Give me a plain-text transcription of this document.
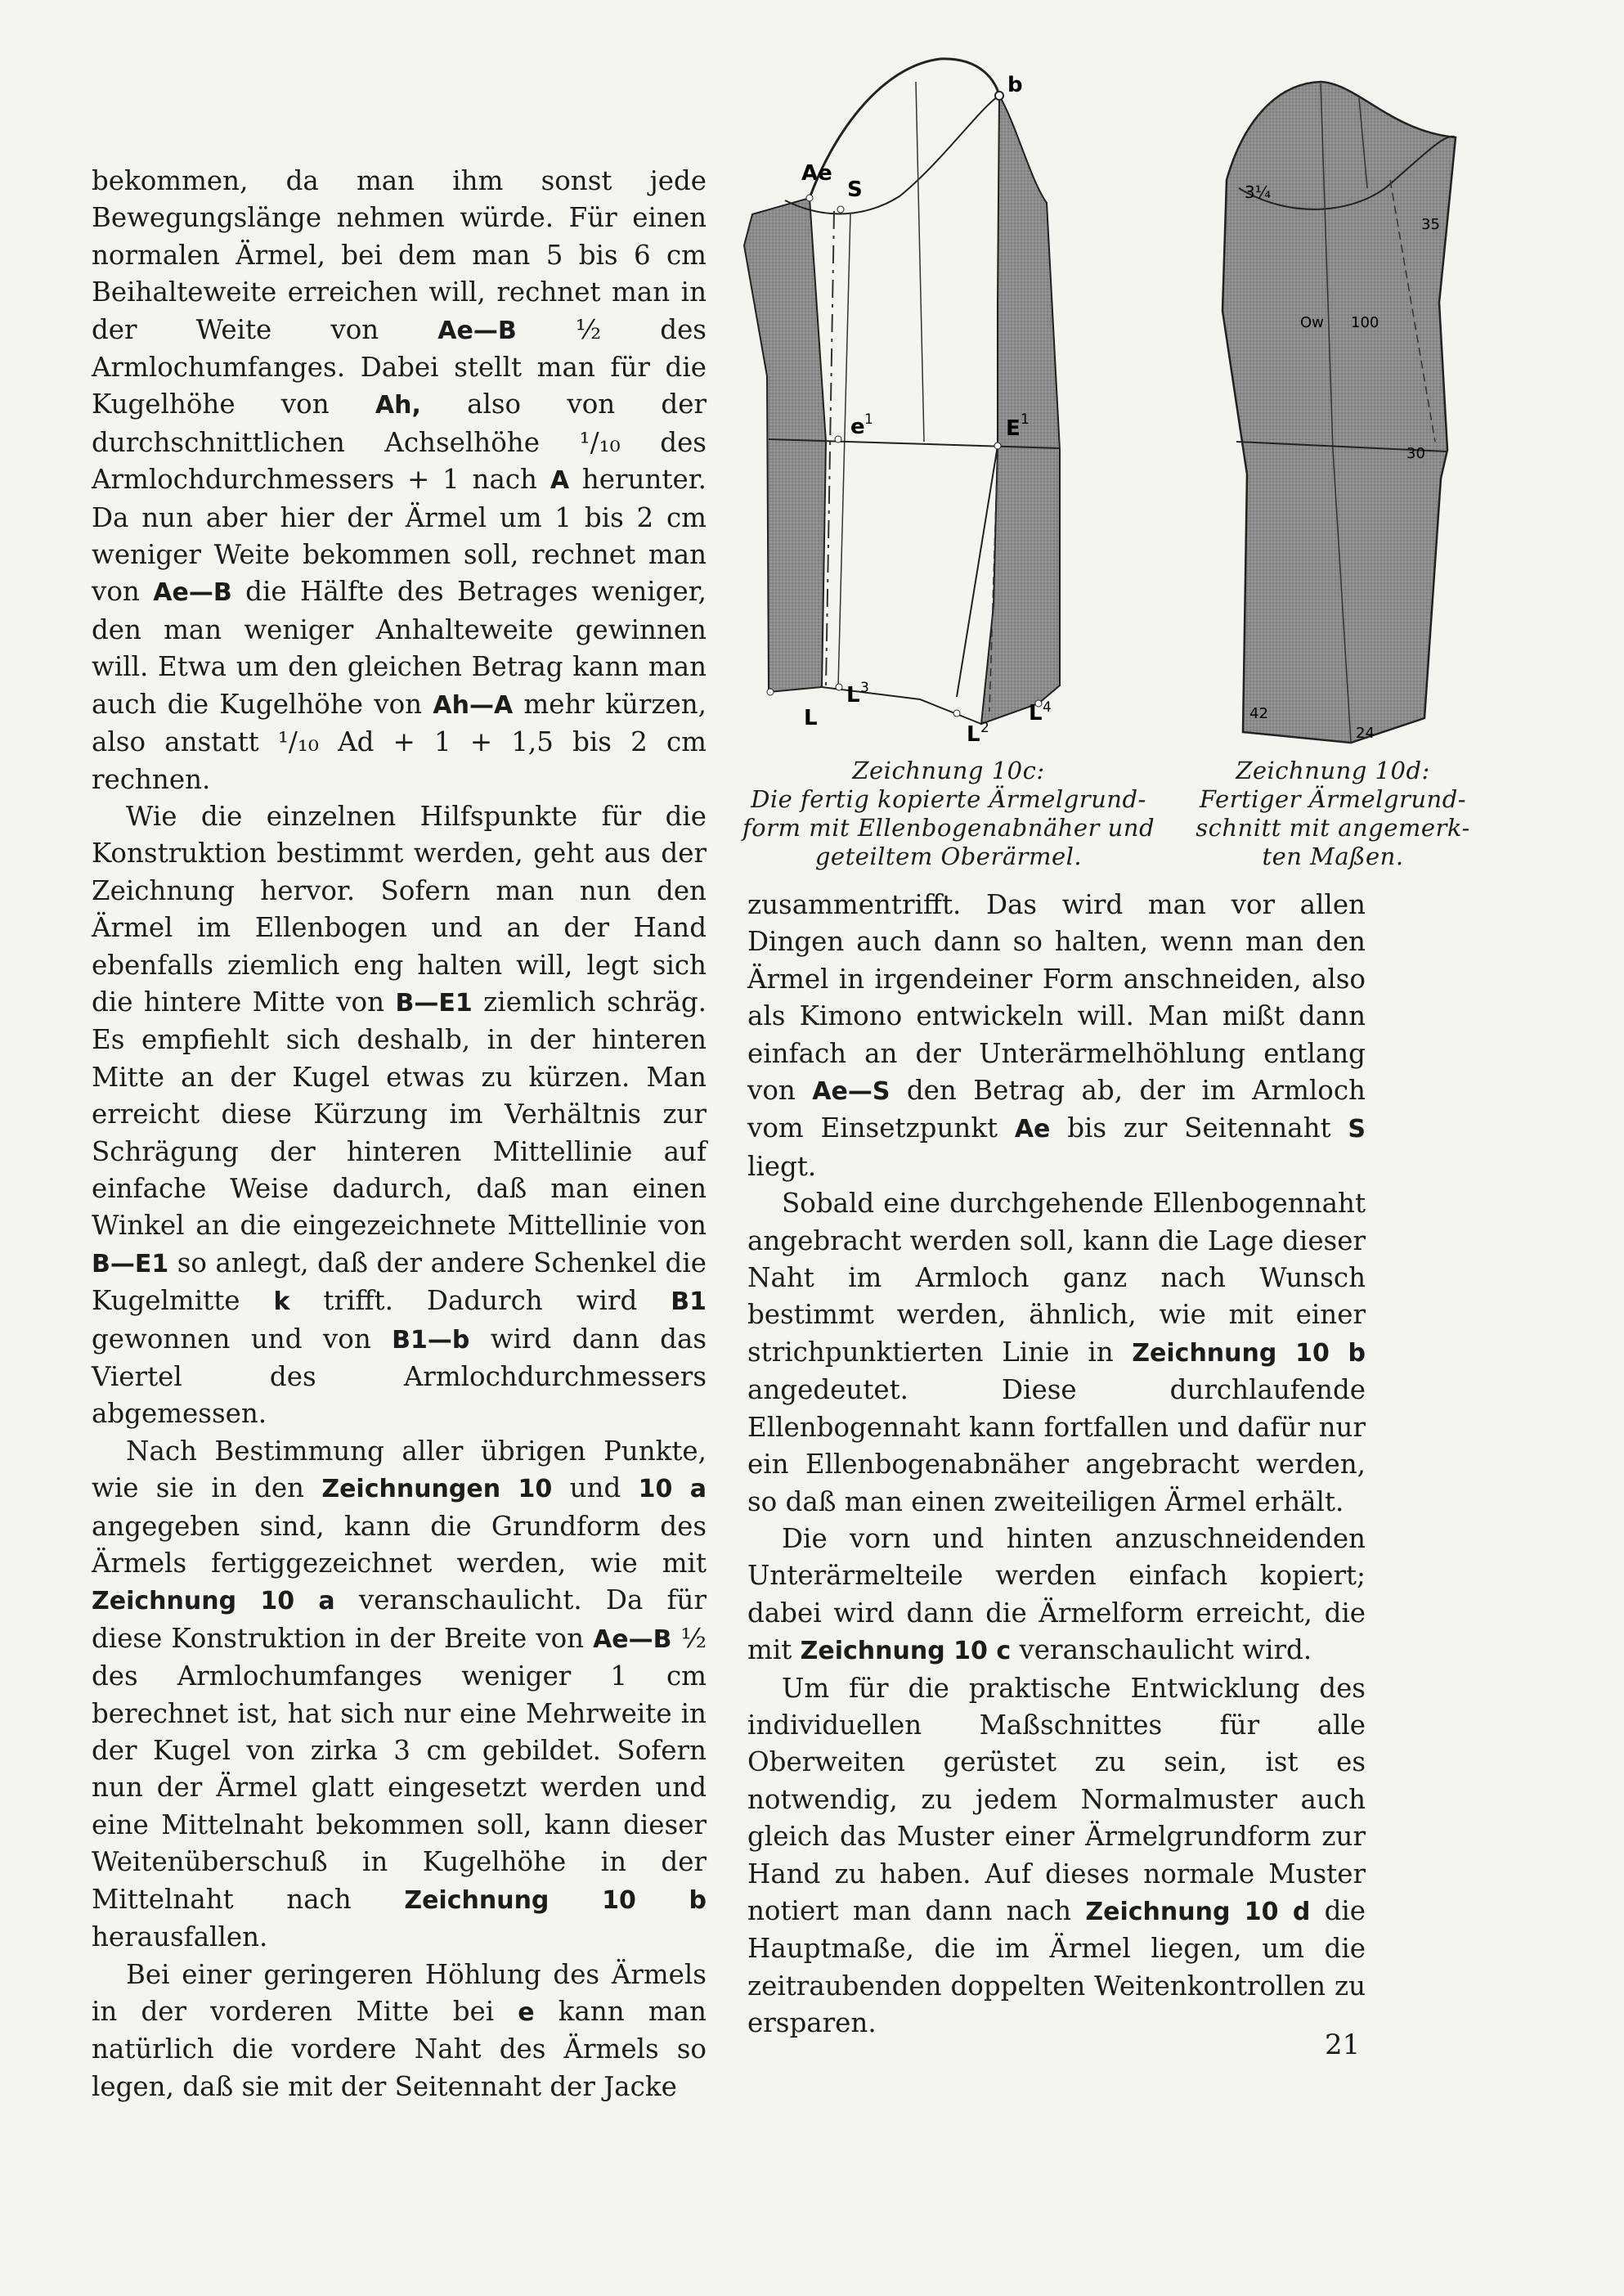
b
Ae
S
e 1	E 1
L
L 3
L 2
L 4
3¼
35
Ow 100
30
42
24

bekommen, da man ihm sonst jede Bewegungslänge nehmen würde. Für einen normalen Ärmel, bei dem man 5 bis 6 cm Beihalteweite erreichen will, rechnet man in der Weite von Ae—B ½ des Armlochumfanges. Dabei stellt man für die Kugelhöhe von Ah, also von der durchschnittlichen Achselhöhe ¹/₁₀ des Armlochdurchmessers + 1 nach A herunter. Da nun aber hier der Ärmel um 1 bis 2 cm weniger Weite bekommen soll, rechnet man von Ae—B die Hälfte des Betrages weniger, den man weniger Anhalteweite gewinnen will. Etwa um den gleichen Betrag kann man auch die Kugelhöhe von Ah—A mehr kürzen, also anstatt ¹/₁₀ Ad + 1 + 1,5 bis 2 cm rechnen.

Wie die einzelnen Hilfspunkte für die Konstruktion bestimmt werden, geht aus der Zeichnung hervor. Sofern man nun den Ärmel im Ellenbogen und an der Hand ebenfalls ziemlich eng halten will, legt sich die hintere Mitte von B—E1 ziemlich schräg. Es empfiehlt sich deshalb, in der hinteren Mitte an der Kugel etwas zu kürzen. Man erreicht diese Kürzung im Verhältnis zur Schrägung der hinteren Mittellinie auf einfache Weise dadurch, daß man einen Winkel an die eingezeichnete Mittellinie von B—E1 so anlegt, daß der andere Schenkel die Kugelmitte k trifft. Dadurch wird B1 gewonnen und von B1—b wird dann das Viertel des Armlochdurchmessers abgemessen.

Nach Bestimmung aller übrigen Punkte, wie sie in den Zeichnungen 10 und 10 a angegeben sind, kann die Grundform des Ärmels fertiggezeichnet werden, wie mit Zeichnung 10 a veranschaulicht. Da für diese Konstruktion in der Breite von Ae—B ½ des Armlochumfanges weniger 1 cm berechnet ist, hat sich nur eine Mehrweite in der Kugel von zirka 3 cm gebildet. Sofern nun der Ärmel glatt eingesetzt werden und eine Mittelnaht bekommen soll, kann dieser Weitenüberschuß in Kugelhöhe in der Mittelnaht nach Zeichnung 10 b herausfallen.

Bei einer geringeren Höhlung des Ärmels in der vorderen Mitte bei e kann man natürlich die vordere Naht des Ärmels so legen, daß sie mit der Seitennaht der Jacke

Zeichnung 10c:
Die fertig kopierte Ärmelgrund-
form mit Ellenbogenabnäher und
geteiltem Oberärmel.
Zeichnung 10d:
Fertiger Ärmelgrund-
schnitt mit angemerk-
ten Maßen.

zusammentrifft. Das wird man vor allen Dingen auch dann so halten, wenn man den Ärmel in irgendeiner Form anschneiden, also als Kimono entwickeln will. Man mißt dann einfach an der Unterärmelhöhlung entlang von Ae—S den Betrag ab, der im Armloch vom Einsetzpunkt Ae bis zur Seitennaht S liegt.

Sobald eine durchgehende Ellenbogennaht angebracht werden soll, kann die Lage dieser Naht im Armloch ganz nach Wunsch bestimmt werden, ähnlich, wie mit einer strichpunktierten Linie in Zeichnung 10 b angedeutet. Diese durchlaufende Ellenbogennaht kann fortfallen und dafür nur ein Ellenbogenabnäher angebracht werden, so daß man einen zweiteiligen Ärmel erhält.

Die vorn und hinten anzuschneidenden Unterärmelteile werden einfach kopiert; dabei wird dann die Ärmelform erreicht, die mit Zeichnung 10 c veranschaulicht wird.

Um für die praktische Entwicklung des individuellen Maßschnittes für alle Oberweiten gerüstet zu sein, ist es notwendig, zu jedem Normalmuster auch gleich das Muster einer Ärmelgrundform zur Hand zu haben. Auf dieses normale Muster notiert man dann nach Zeichnung 10 d die Hauptmaße, die im Ärmel liegen, um die zeitraubenden doppelten Weitenkontrollen zu ersparen.

21
